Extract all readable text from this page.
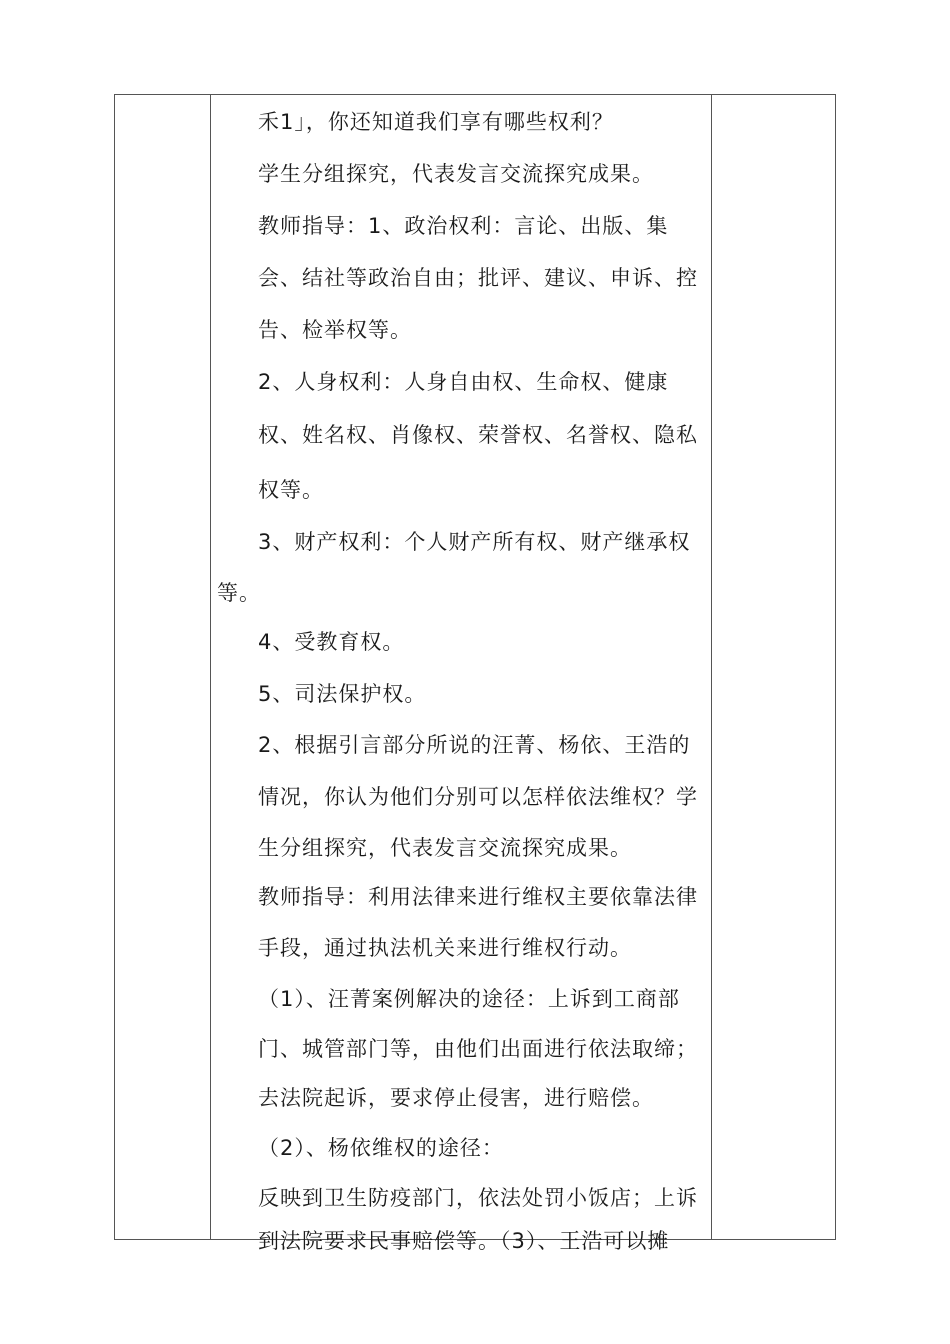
禾1」，你还知道我们享有哪些权利？
学生分组探究，代表发言交流探究成果。
教师指导：1、政治权利：言论、出版、集
会、结社等政治自由；批评、建议、申诉、控
告、检举权等。
2、人身权利：人身自由权、生命权、健康
权、姓名权、肖像权、荣誉权、名誉权、隐私
权等。
3、财产权利：个人财产所有权、财产继承权
等。
4、受教育权。
5、司法保护权。
2、根据引言部分所说的汪菁、杨依、王浩的
情况，你认为他们分别可以怎样依法维权？学
生分组探究，代表发言交流探究成果。
教师指导：利用法律来进行维权主要依靠法律
手段，通过执法机关来进行维权行动。
（1）、汪菁案例解决的途径：上诉到工商部
门、城管部门等，由他们出面进行依法取缔；
去法院起诉，要求停止侵害，进行赔偿。
（2）、杨依维权的途径：
反映到卫生防疫部门，依法处罚小饭店；上诉
到法院要求民事赔偿等。（3）、王浩可以摊
